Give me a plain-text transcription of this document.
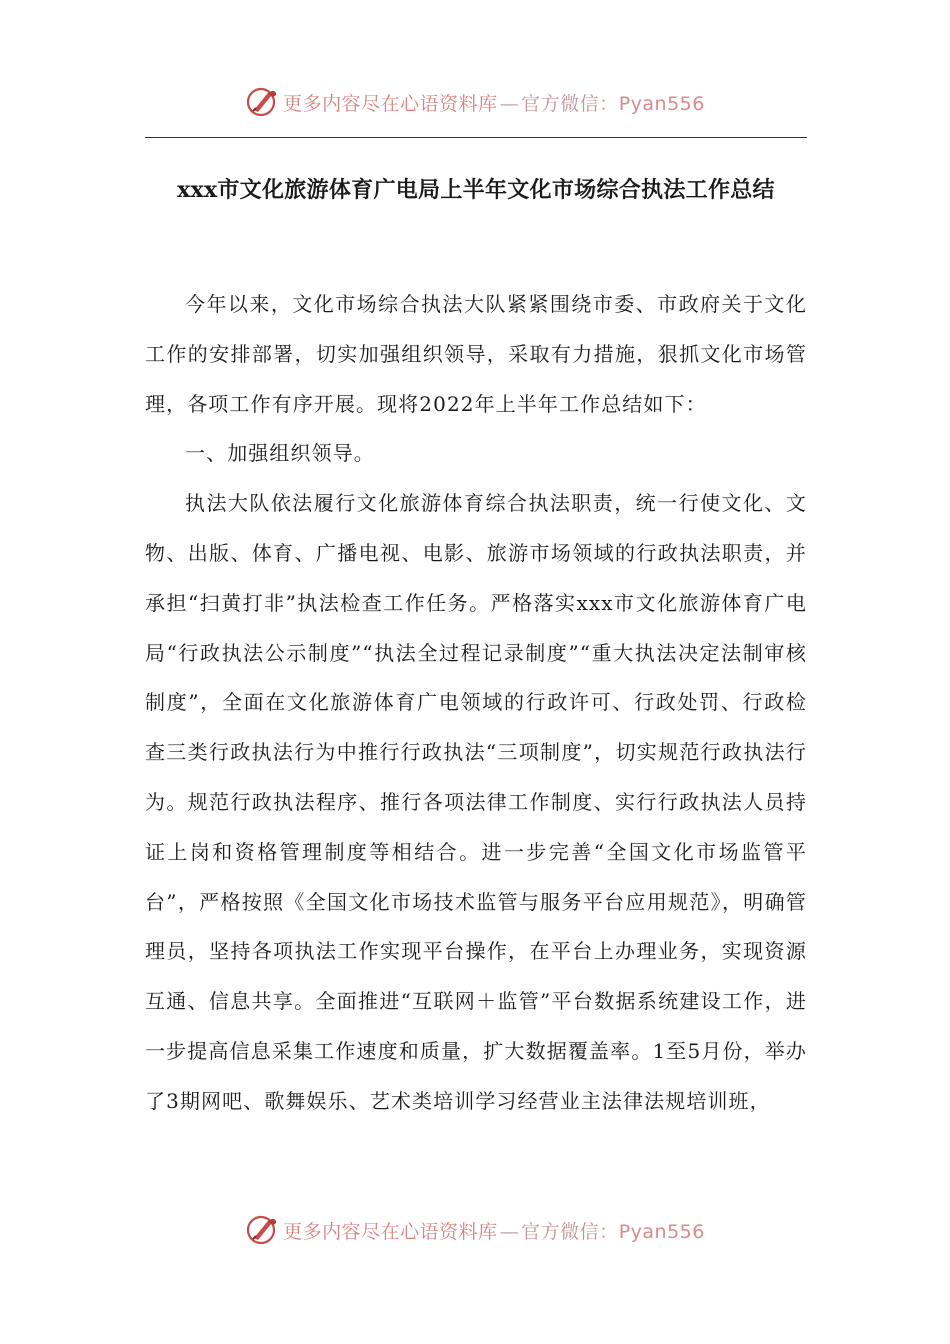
更多内容尽在心语资料库 — 官方微信：Pyan556
xxx市文化旅游体育广电局上半年文化市场综合执法工作总结

今年以来，文化市场综合执法大队紧紧围绕市委、市政府关于文化工作的安排部署，切实加强组织领导，采取有力措施，狠抓文化市场管理，各项工作有序开展。现将2022年上半年工作总结如下：

一、加强组织领导。

执法大队依法履行文化旅游体育综合执法职责，统一行使文化、文物、出版、体育、广播电视、电影、旅游市场领域的行政执法职责，并承担“扫黄打非”执法检查工作任务。严格落实xxx市文化旅游体育广电局“行政执法公示制度”“执法全过程记录制度”“重大执法决定法制审核制度”，全面在文化旅游体育广电领域的行政许可、行政处罚、行政检查三类行政执法行为中推行行政执法“三项制度”，切实规范行政执法行为。规范行政执法程序、推行各项法律工作制度、实行行政执法人员持证上岗和资格管理制度等相结合。进一步完善“全国文化市场监管平台”，严格按照《全国文化市场技术监管与服务平台应用规范》，明确管理员，坚持各项执法工作实现平台操作，在平台上办理业务，实现资源互通、信息共享。全面推进“互联网＋监管”平台数据系统建设工作，进一步提高信息采集工作速度和质量，扩大数据覆盖率。1至5月份，举办了3期网吧、歌舞娱乐、艺术类培训学习经营业主法律法规培训班，

更多内容尽在心语资料库 — 官方微信：Pyan556
